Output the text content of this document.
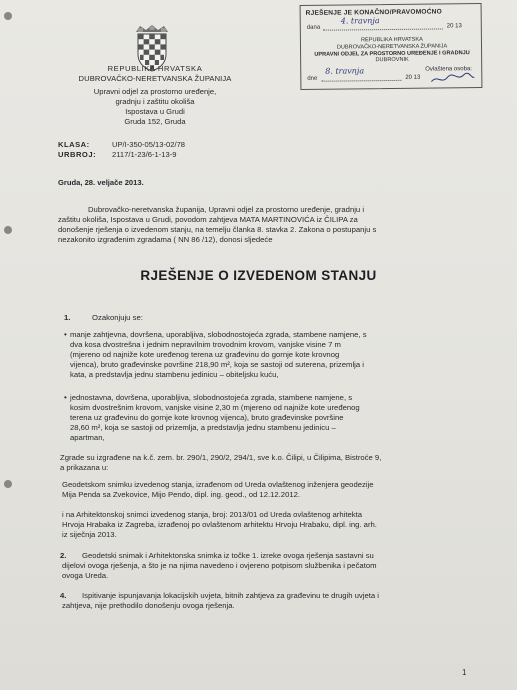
REPUBLIKA HRVATSKA
DUBROVAČKO-NERETVANSKA ŽUPANIJA
Upravni odjel za prostorno uređenje,
gradnju i zaštitu okoliša
Ispostava u Grudi
Gruda 152, Gruda
KLASA:	UP/I-350-05/13-02/78
URBROJ: 2117/1-23/6-1-13-9
Gruda, 28. veljače 2013.
RJEŠENJE JE KONAČNO/PRAVOMOĆNO
dana
4. travnja
20 13
REPUBLIKA HRVATSKA
DUBROVAČKO-NERETVANSKA ŽUPANIJA
UPRAVNI ODJEL ZA PROSTORNO UREĐENJE I GRADNJU
DUBROVNIK
dne
8. travnja
20 13
Ovlaštena osoba:
Dubrovačko-neretvanska županija, Upravni odjel za prostorno uređenje, gradnju i
zaštitu okoliša, Ispostava u Grudi, povodom zahtjeva MATA MARTINOVIĆA iz ČILIPA za
donošenje rješenja o izvedenom stanju, na temelju članka 8. stavka 2. Zakona o postupanju s
nezakonito izgrađenim zgradama ( NN 86 /12), donosi sljedeće
RJEŠENJE O IZVEDENOM STANJU
1.	Ozakonjuju se:
• manje zahtjevna, dovršena, uporabljiva, slobodnostojeća zgrada, stambene namjene, s
dva kosa dvostrešna i jednim nepravilnim trovodnim krovom, vanjske visine 7 m
(mjereno od najniže kote uređenog terena uz građevinu do gornje kote krovnog
vijenca), bruto građevinske površine 218,90 m², koja se sastoji od suterena, prizemlja i
kata, a predstavlja jednu stambenu jedinicu – obiteljsku kuću,
• jednostavna, dovršena, uporabljiva, slobodnostojeća zgrada, stambene namjene, s
kosim dvostrešnim krovom, vanjske visine 2,30 m (mjereno od najniže kote uređenog
terena uz građevinu do gornje kote krovnog vijenca), bruto građevinske površine
28,60 m², koja se sastoji od prizemlja, a predstavlja jednu stambenu jedinicu –
apartman,
Zgrade su izgrađene na k.č. zem. br. 290/1, 290/2, 294/1, sve k.o. Čilipi, u Čilipima, Bistroće 9,
a prikazana u:
Geodetskom snimku izvedenog stanja, izrađenom od Ureda ovlaštenog inženjera geodezije
Mija Penda sa Zvekovice, Mijo Pendo, dipl. ing. geod., od 12.12.2012.
i na Arhitektonskoj snimci izvedenog stanja, broj: 2013/01 od Ureda ovlaštenog arhitekta
Hrvoja Hrabaka iz Zagreba, izrađenoj po ovlaštenom arhitektu Hrvoju Hrabaku, dipl. ing. arh.
iz siječnja 2013.
2.	Geodetski snimak i Arhitektonska snimka iz točke 1. izreke ovoga rješenja sastavni su
dijelovi ovoga rješenja, a što je na njima navedeno i ovjereno potpisom službenika i pečatom
ovoga Ureda.
4.	Ispitivanje ispunjavanja lokacijskih uvjeta, bitnih zahtjeva za građevinu te drugih uvjeta i
zahtjeva, nije prethodilo donošenju ovoga rješenja.
1
